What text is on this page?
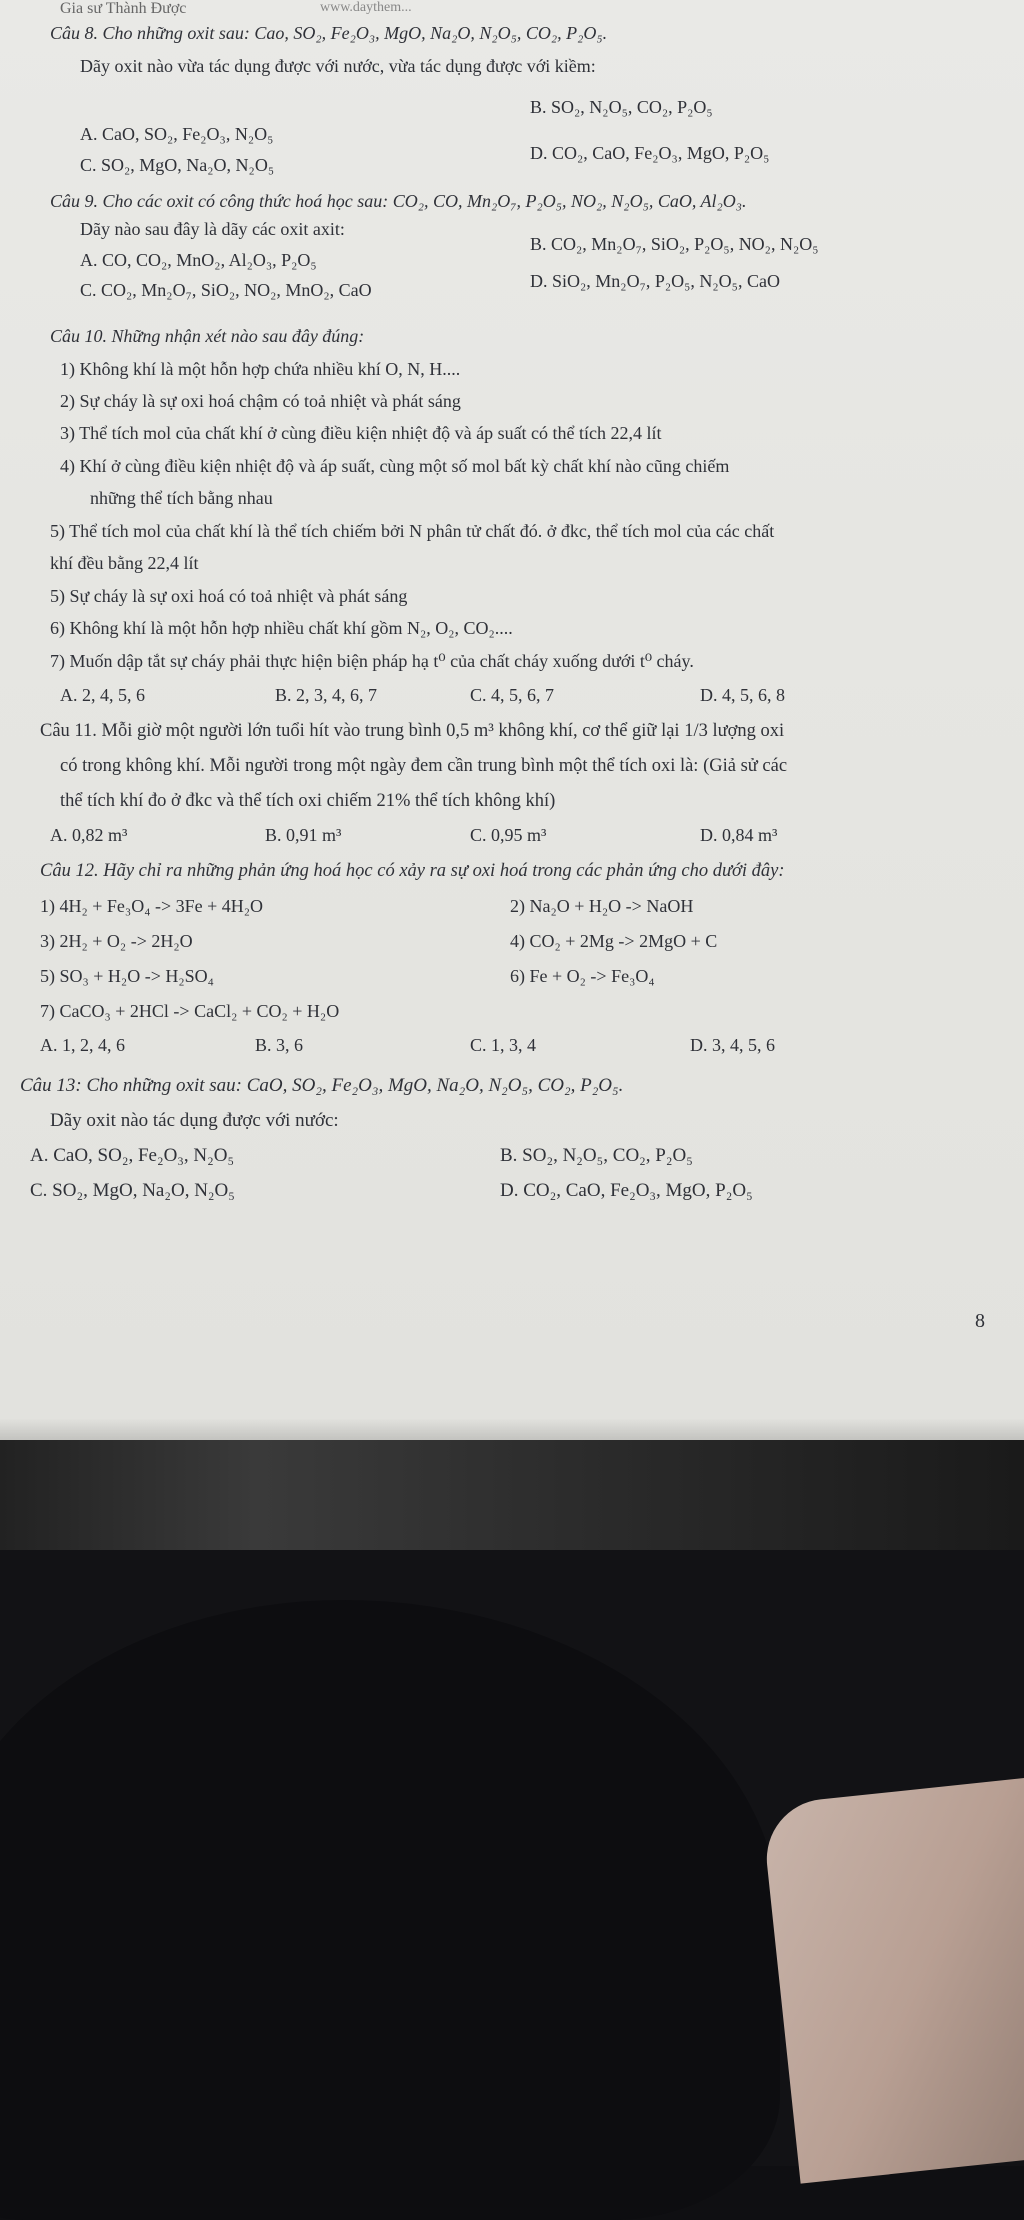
Gia sư Thành Được	www.daythem...
Câu 8. Cho những oxit sau: Cao, SO₂, Fe₂O₃, MgO, Na₂O, N₂O₅, CO₂, P₂O₅.
Dãy oxit nào vừa tác dụng được với nước, vừa tác dụng được với kiềm:
A. CaO, SO₂, Fe₂O₃, N₂O₅
B. SO₂, N₂O₅, CO₂, P₂O₅
C. SO₂, MgO, Na₂O, N₂O₅
D. CO₂, CaO, Fe₂O₃, MgO, P₂O₅
Câu 9. Cho các oxit có công thức hoá học sau: CO₂, CO, Mn₂O₇, P₂O₅, NO₂, N₂O₅, CaO, Al₂O₃.
Dãy nào sau đây là dãy các oxit axit:
A. CO, CO₂, MnO₂, Al₂O₃, P₂O₅
B. CO₂, Mn₂O₇, SiO₂, P₂O₅, NO₂, N₂O₅
C. CO₂, Mn₂O₇, SiO₂, NO₂, MnO₂, CaO	D. SiO₂, Mn₂O₇, P₂O₅, N₂O₅, CaO
Câu 10. Những nhận xét nào sau đây đúng:
1) Không khí là một hỗn hợp chứa nhiều khí O, N, H....
2) Sự cháy là sự oxi hoá chậm có toả nhiệt và phát sáng
3) Thể tích mol của chất khí ở cùng điều kiện nhiệt độ và áp suất có thể tích 22,4 lít
4) Khí ở cùng điều kiện nhiệt độ và áp suất, cùng một số mol bất kỳ chất khí nào cũng chiếm
những thể tích bằng nhau
5) Thể tích mol của chất khí là thể tích chiếm bởi N phân tử chất đó. ở đkc, thể tích mol của các chất
khí đều bằng 22,4 lít
5) Sự cháy là sự oxi hoá có toả nhiệt và phát sáng
6) Không khí là một hỗn hợp nhiều chất khí gồm N₂, O₂, CO₂....
7) Muốn dập tắt sự cháy phải thực hiện biện pháp hạ t⁰ của chất cháy xuống dưới t⁰ cháy.
A. 2, 4, 5, 6	B. 2, 3, 4, 6, 7	C. 4, 5, 6, 7	D. 4, 5, 6, 8
Câu 11. Mỗi giờ một người lớn tuổi hít vào trung bình 0,5 m³ không khí, cơ thể giữ lại 1/3 lượng oxi
có trong không khí. Mỗi người trong một ngày đem cần trung bình một thể tích oxi là: (Giả sử các
thể tích khí đo ở đkc và thể tích oxi chiếm 21% thể tích không khí)
A. 0,82 m³	B. 0,91 m³	C. 0,95 m³	D. 0,84 m³
Câu 12. Hãy chỉ ra những phản ứng hoá học có xảy ra sự oxi hoá trong các phản ứng cho dưới đây:
1) 4H₂ + Fe₃O₄ -> 3Fe + 4H₂O	2) Na₂O + H₂O -> NaOH
3) 2H₂ + O₂ -> 2H₂O	4) CO₂ + 2Mg -> 2MgO + C
5) SO₃ + H₂O -> H₂SO₄	6) Fe + O₂ -> Fe₃O₄
7) CaCO₃ + 2HCl -> CaCl₂ + CO₂ + H₂O
A. 1, 2, 4, 6	B. 3, 6	C. 1, 3, 4	D. 3, 4, 5, 6
Câu 13: Cho những oxit sau: CaO, SO₂, Fe₂O₃, MgO, Na₂O, N₂O₅, CO₂, P₂O₅.
Dãy oxit nào tác dụng được với nước:
A. CaO, SO₂, Fe₂O₃, N₂O₅	B. SO₂, N₂O₅, CO₂, P₂O₅
C. SO₂, MgO, Na₂O, N₂O₅	D. CO₂, CaO, Fe₂O₃, MgO, P₂O₅
8
